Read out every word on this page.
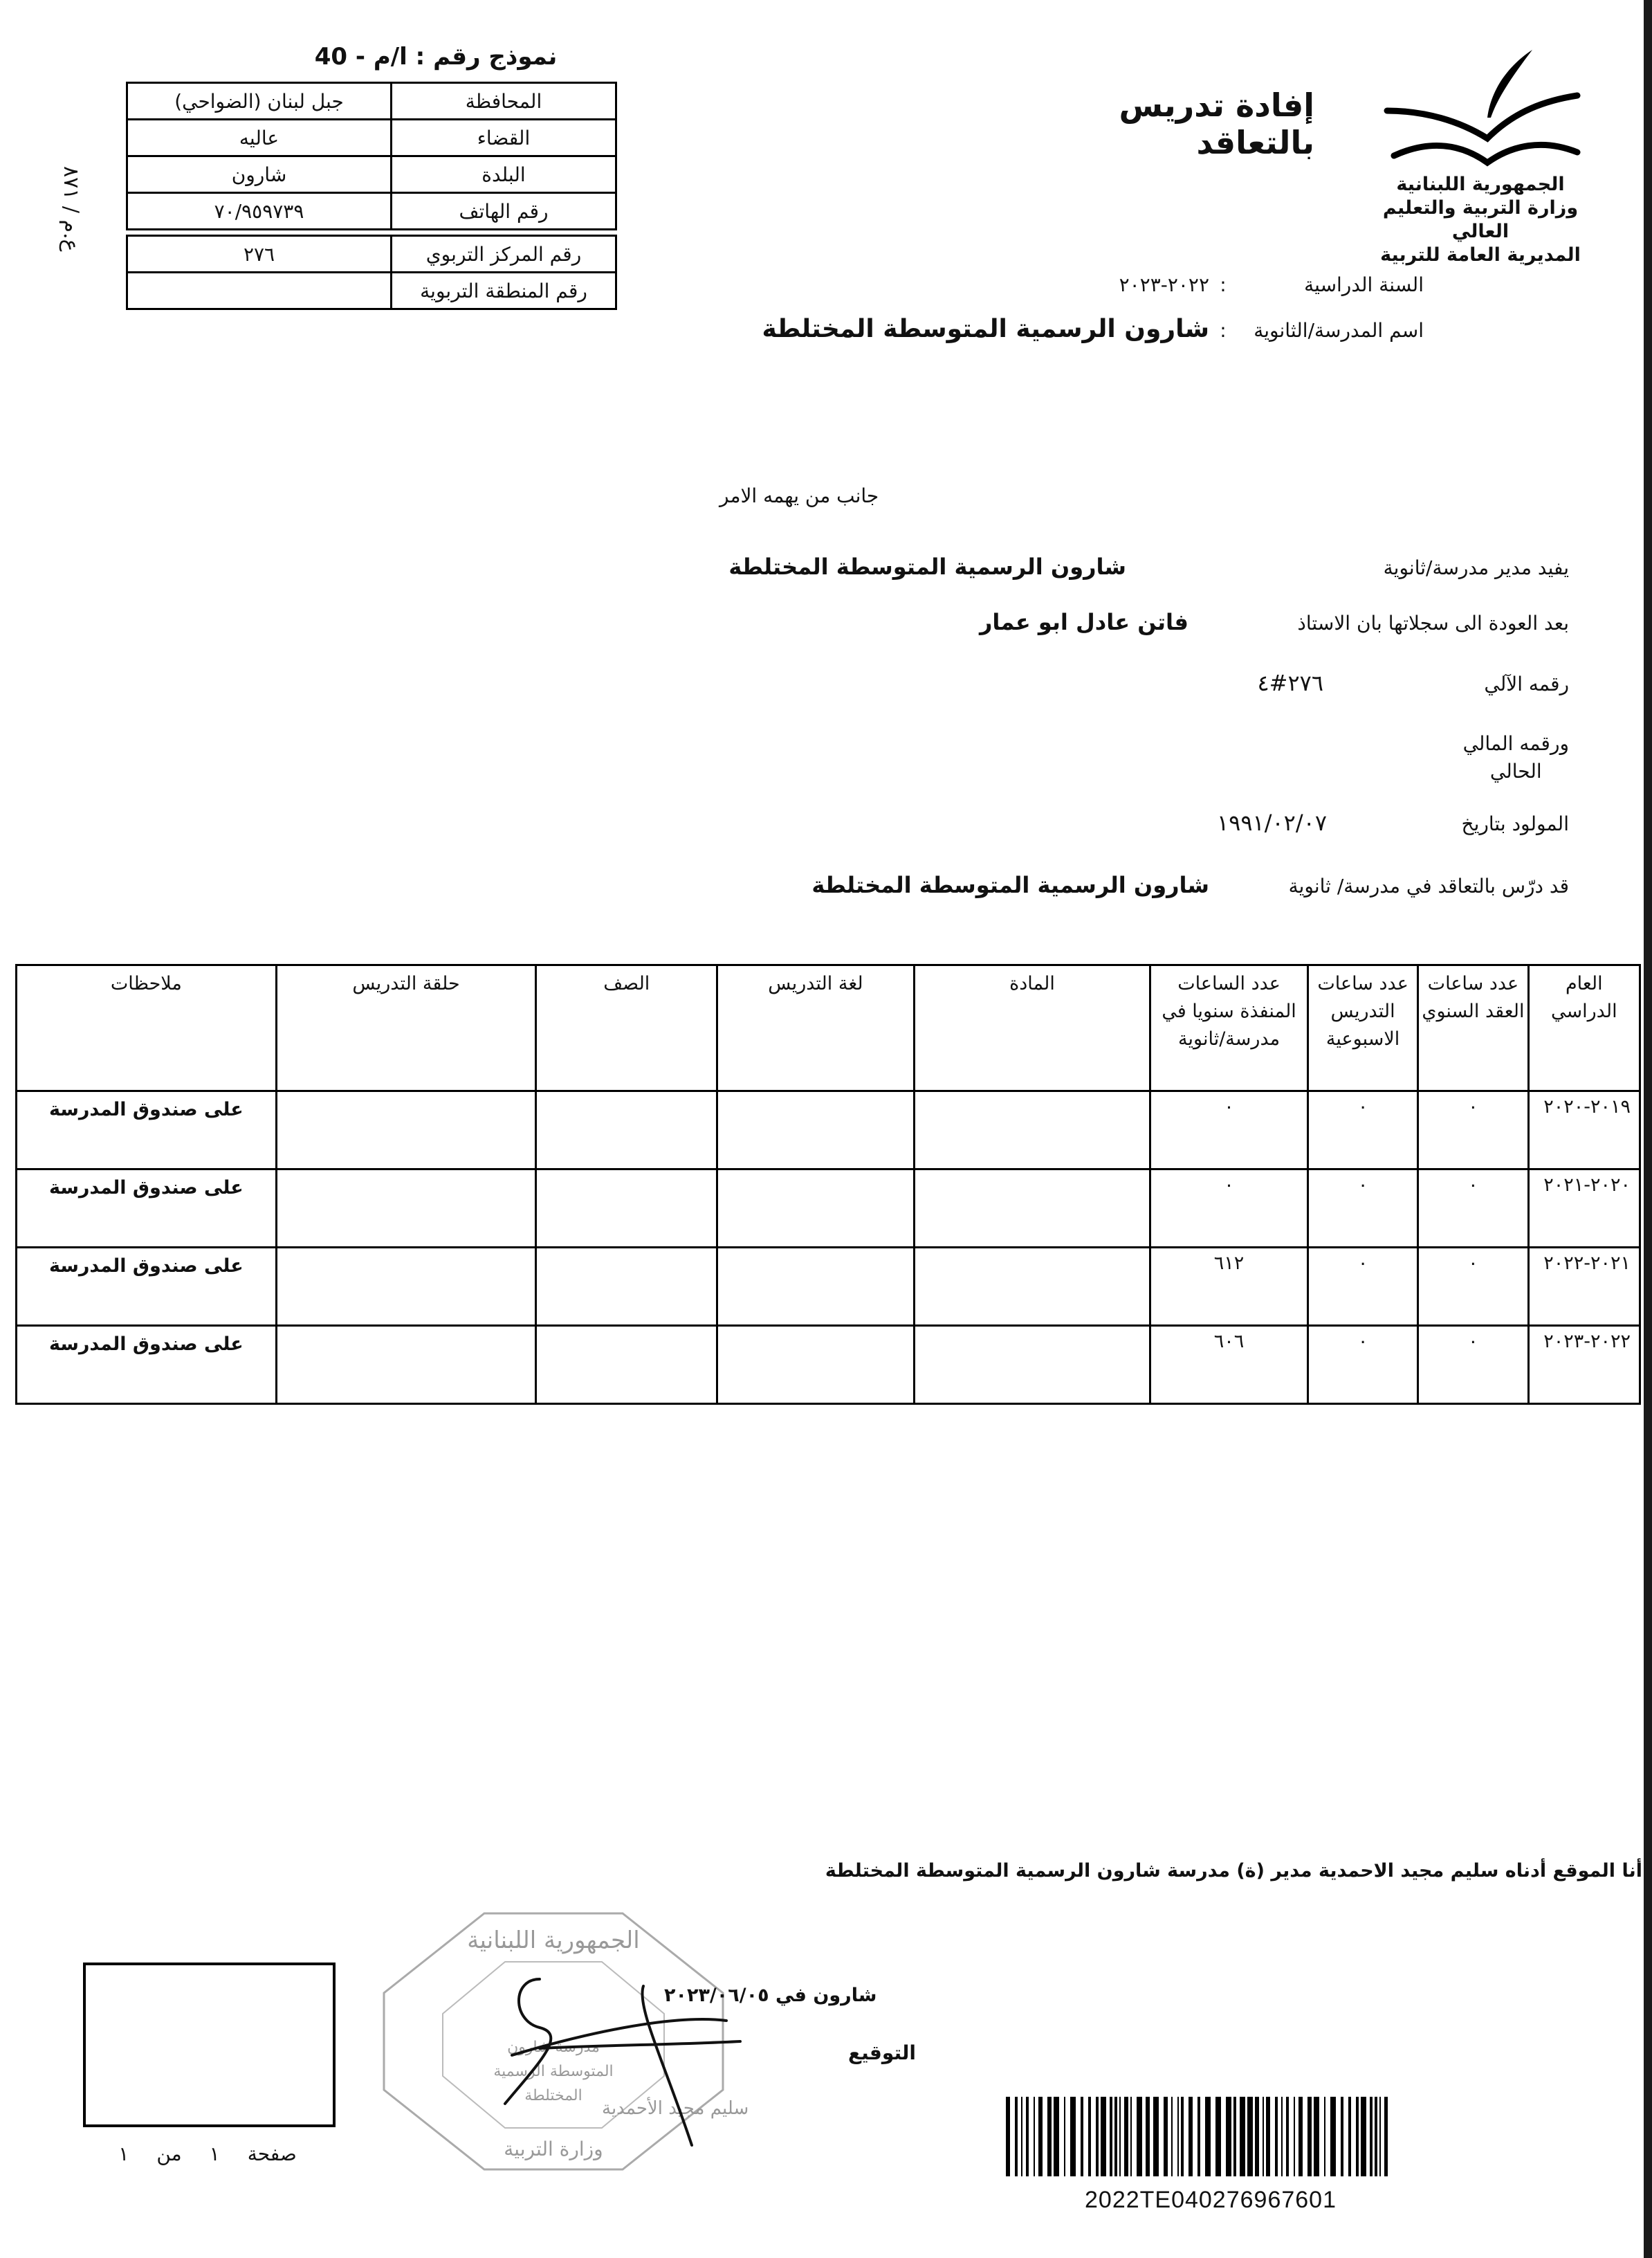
نموذج رقم : ا/م - 40
المحافظة	جبل لبنان (الضواحي)
القضاء	عاليه
البلدة	شارون
رقم الهاتف	٧٠/٩٥٩٧٣٩

رقم المركز التربوي	٢٧٦
رقم المنطقة التربوية	
ع.م / ٨٧١
إفادة تدريس بالتعاقد
الجمهورية اللبنانية
وزارة التربية والتعليم العالي
المديرية العامة للتربية
السنة الدراسية
:
٢٠٢٢-٢٠٢٣
اسم المدرسة/الثانوية
:
شارون الرسمية المتوسطة المختلطة
جانب من يهمه الامر
يفيد مدير مدرسة/ثانوية
شارون الرسمية المتوسطة المختلطة
بعد العودة الى سجلاتها بان الاستاذ
فاتن عادل ابو عمار
رقمه الآلي
٢٧٦#٤
ورقمه المالي
الحالي
المولود بتاريخ
١٩٩١/٠٢/٠٧
قد درّس بالتعاقد في مدرسة/ ثانوية
شارون الرسمية المتوسطة المختلطة
العام الدراسي	عدد ساعات العقد السنوي	عدد ساعات التدريس الاسبوعية	عدد الساعات المنفذة سنويا في مدرسة/ثانوية	المادة	لغة التدريس	الصف	حلقة التدريس	ملاحظات
٢٠١٩-٢٠٢٠	٠	٠	٠					على صندوق المدرسة
٢٠٢٠-٢٠٢١	٠	٠	٠					على صندوق المدرسة
٢٠٢١-٢٠٢٢	٠	٠	٦١٢					على صندوق المدرسة
٢٠٢٢-٢٠٢٣	٠	٠	٦٠٦					على صندوق المدرسة
أنا الموقع أدناه سليم مجيد الاحمدية مدير (ة) مدرسة شارون الرسمية المتوسطة المختلطة
الجمهورية اللبنانية
مدرسة شارون
المتوسطة الرسمية
المختلطة
وزارة التربية
سليم مجيد الأحمدية
شارون في ٢٠٢٣/٠٦/٠٥
التوقيع
صفحة
١
من
١
2022TE040276967601
